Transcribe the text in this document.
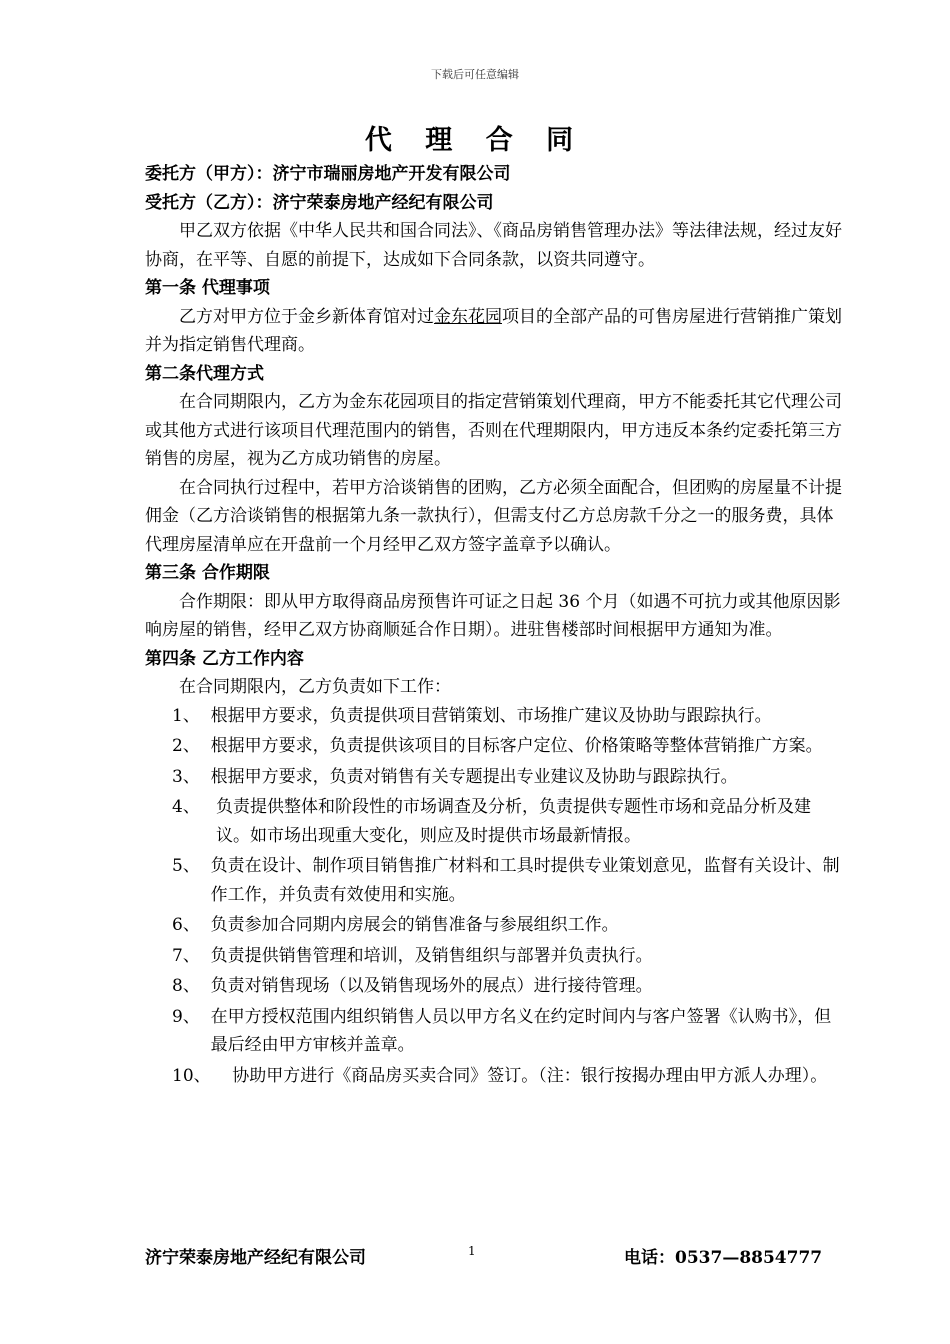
下载后可任意编辑
代 理 合 同

委托方（甲方）：济宁市瑞丽房地产开发有限公司

受托方（乙方）：济宁荣泰房地产经纪有限公司

甲乙双方依据《中华人民共和国合同法》、《商品房销售管理办法》等法律法规，经过友好协商，在平等、自愿的前提下，达成如下合同条款，以资共同遵守。

第一条 代理事项

乙方对甲方位于金乡新体育馆对过金东花园项目的全部产品的可售房屋进行营销推广策划并为指定销售代理商。

第二条代理方式

在合同期限内，乙方为金东花园项目的指定营销策划代理商，甲方不能委托其它代理公司或其他方式进行该项目代理范围内的销售，否则在代理期限内，甲方违反本条约定委托第三方销售的房屋，视为乙方成功销售的房屋。

在合同执行过程中，若甲方洽谈销售的团购，乙方必须全面配合，但团购的房屋量不计提佣金（乙方洽谈销售的根据第九条一款执行），但需支付乙方总房款千分之一的服务费，具体代理房屋清单应在开盘前一个月经甲乙双方签字盖章予以确认。

第三条 合作期限

合作期限：即从甲方取得商品房预售许可证之日起 36 个月（如遇不可抗力或其他原因影响房屋的销售，经甲乙双方协商顺延合作日期）。进驻售楼部时间根据甲方通知为准。

第四条 乙方工作内容

在合同期限内，乙方负责如下工作：

1、 根据甲方要求，负责提供项目营销策划、市场推广建议及协助与跟踪执行。
2、 根据甲方要求，负责提供该项目的目标客户定位、价格策略等整体营销推广方案。
3、 根据甲方要求，负责对销售有关专题提出专业建议及协助与跟踪执行。
4、 负责提供整体和阶段性的市场调查及分析，负责提供专题性市场和竞品分析及建议。如市场出现重大变化，则应及时提供市场最新情报。
5、 负责在设计、制作项目销售推广材料和工具时提供专业策划意见，监督有关设计、制作工作，并负责有效使用和实施。
6、 负责参加合同期内房展会的销售准备与参展组织工作。
7、 负责提供销售管理和培训，及销售组织与部署并负责执行。
8、 负责对销售现场（以及销售现场外的展点）进行接待管理。
9、 在甲方授权范围内组织销售人员以甲方名义在约定时间内与客户签署《认购书》，但最后经由甲方审核并盖章。
10、 协助甲方进行《商品房买卖合同》签订。（注：银行按揭办理由甲方派人办理）。
济宁荣泰房地产经纪有限公司	1	电话：0537—8854777
